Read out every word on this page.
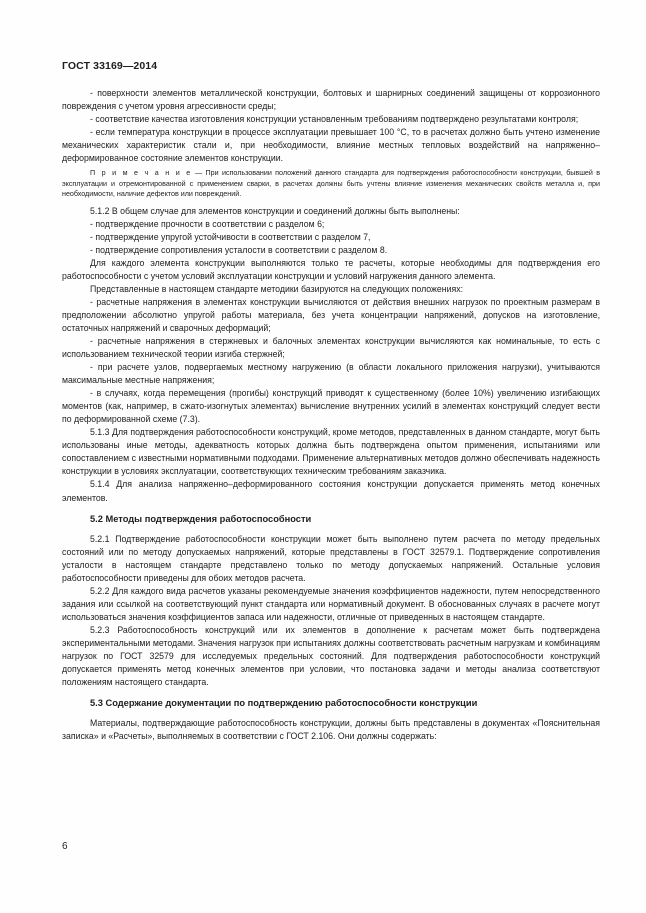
ГОСТ 33169—2014

- поверхности элементов металлической конструкции, болтовых и шарнирных соединений защищены от коррозионного повреждения с учетом уровня агрессивности среды;

- соответствие качества изготовления конструкции установленным требованиям подтверждено результатами контроля;

- если температура конструкции в процессе эксплуатации превышает 100 °С, то в расчетах должно быть учтено изменение механических характеристик стали и, при необходимости, влияние местных тепловых воздействий на напряженно–деформированное состояние элементов конструкции.

П р и м е ч а н и е — При использовании положений данного стандарта для подтверждения работоспособности конструкции, бывшей в эксплуатации и отремонтированной с применением сварки, в расчетах должны быть учтены влияние изменения механических свойств металла и, при необходимости, наличие дефектов или повреждений.

5.1.2 В общем случае для элементов конструкции и соединений должны быть выполнены:

- подтверждение прочности в соответствии с разделом 6;

- подтверждение упругой устойчивости в соответствии с разделом 7,

- подтверждение сопротивления усталости в соответствии с разделом 8.

Для каждого элемента конструкции выполняются только те расчеты, которые необходимы для подтверждения его работоспособности с учетом условий эксплуатации конструкции и условий нагружения данного элемента.

Представленные в настоящем стандарте методики базируются на следующих положениях:

- расчетные напряжения в элементах конструкции вычисляются от действия внешних нагрузок по проектным размерам в предположении абсолютно упругой работы материала, без учета концентрации напряжений, допусков на изготовление, остаточных напряжений и сварочных деформаций;

- расчетные напряжения в стержневых и балочных элементах конструкции вычисляются как номинальные, то есть с использованием технической теории изгиба стержней;

- при расчете узлов, подвергаемых местному нагружению (в области локального приложения нагрузки), учитываются максимальные местные напряжения;

- в случаях, когда перемещения (прогибы) конструкций приводят к существенному (более 10%) увеличению изгибающих моментов (как, например, в сжато-изогнутых элементах) вычисление внутренних усилий в элементах конструкций следует вести по деформированной схеме (7.3).

5.1.3 Для подтверждения работоспособности конструкций, кроме методов, представленных в данном стандарте, могут быть использованы иные методы, адекватность которых должна быть подтверждена опытом применения, испытаниями или сопоставлением с известными нормативными подходами. Применение альтернативных методов должно обеспечивать надежность конструкции в условиях эксплуатации, соответствующих техническим требованиям заказчика.

5.1.4 Для анализа напряженно–деформированного состояния конструкции допускается применять метод конечных элементов.

5.2 Методы подтверждения работоспособности

5.2.1 Подтверждение работоспособности конструкции может быть выполнено путем расчета по методу предельных состояний или по методу допускаемых напряжений, которые представлены в ГОСТ 32579.1. Подтверждение сопротивления усталости в настоящем стандарте представлено только по методу допускаемых напряжений. Остальные условия работоспособности приведены для обоих методов расчета.

5.2.2 Для каждого вида расчетов указаны рекомендуемые значения коэффициентов надежности, путем непосредственного задания или ссылкой на соответствующий пункт стандарта или нормативный документ. В обоснованных случаях в расчете могут использоваться значения коэффициентов запаса или надежности, отличные от приведенных в настоящем стандарте.

5.2.3 Работоспособность конструкций или их элементов в дополнение к расчетам может быть подтверждена экспериментальными методами. Значения нагрузок при испытаниях должны соответствовать расчетным нагрузкам и комбинациям нагрузок по ГОСТ 32579 для исследуемых предельных состояний. Для подтверждения работоспособности конструкций допускается применять метод конечных элементов при условии, что постановка задачи и методы анализа соответствуют положениям настоящего стандарта.

5.3 Содержание документации по подтверждению работоспособности конструкции

Материалы, подтверждающие работоспособность конструкции, должны быть представлены в документах «Пояснительная записка» и «Расчеты», выполняемых в соответствии с ГОСТ 2.106. Они должны содержать:

6
